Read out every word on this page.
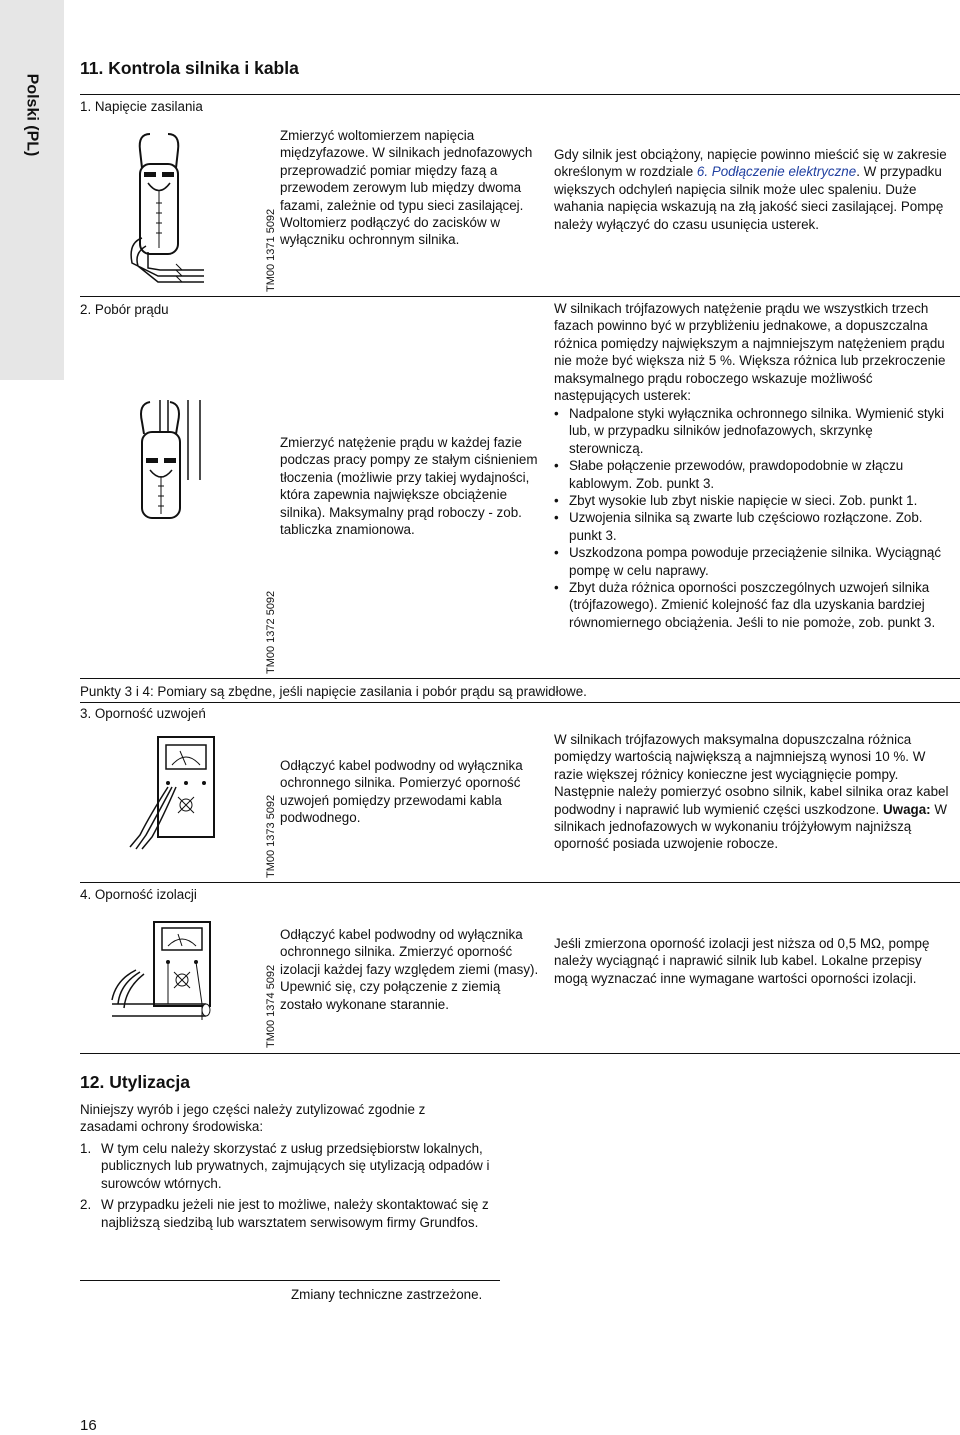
Polski (PL)
11. Kontrola silnika i kabla
1. Napięcie zasilania
TM00 1371 5092
Zmierzyć woltomierzem napięcia międzyfazowe. W silnikach jednofazowych przeprowadzić pomiar między fazą a przewodem zerowym lub między dwoma fazami, zależnie od typu sieci zasilającej. Woltomierz podłączyć do zacisków w wyłączniku ochronnym silnika.
Gdy silnik jest obciążony, napięcie powinno mieścić się w zakresie określonym w rozdziale 6. Podłączenie elektryczne. W przypadku większych odchyleń napięcia silnik może ulec spaleniu. Duże wahania napięcia wskazują na złą jakość sieci zasilającej. Pompę należy wyłączyć do czasu usunięcia usterek.
2. Pobór prądu
TM00 1372 5092
Zmierzyć natężenie prądu w każdej fazie podczas pracy pompy ze stałym ciśnieniem tłoczenia (możliwie przy takiej wydajności, która zapewnia największe obciążenie silnika). Maksymalny prąd roboczy - zob. tabliczka znamionowa.
W silnikach trójfazowych natężenie prądu we wszystkich trzech fazach powinno być w przybliżeniu jednakowe, a dopuszczalna różnica pomiędzy największym a najmniejszym natężeniem prądu nie może być większa niż 5 %. Większa różnica lub przekroczenie maksymalnego prądu roboczego wskazuje możliwość następujących usterek:
• Nadpalone styki wyłącznika ochronnego silnika. Wymienić styki lub, w przypadku silników jednofazowych, skrzynkę sterowniczą.
• Słabe połączenie przewodów, prawdopodobnie w złączu kablowym. Zob. punkt 3.
• Zbyt wysokie lub zbyt niskie napięcie w sieci. Zob. punkt 1.
• Uzwojenia silnika są zwarte lub częściowo rozłączone. Zob. punkt 3.
• Uszkodzona pompa powoduje przeciążenie silnika. Wyciągnąć pompę w celu naprawy.
• Zbyt duża różnica oporności poszczególnych uzwojeń silnika (trójfazowego). Zmienić kolejność faz dla uzyskania bardziej równomiernego obciążenia. Jeśli to nie pomoże, zob. punkt 3.
Punkty 3 i 4: Pomiary są zbędne, jeśli napięcie zasilania i pobór prądu są prawidłowe.
3. Oporność uzwojeń
TM00 1373 5092
Odłączyć kabel podwodny od wyłącznika ochronnego silnika. Pomierzyć oporność uzwojeń pomiędzy przewodami kabla podwodnego.
W silnikach trójfazowych maksymalna dopuszczalna różnica pomiędzy wartością największą a najmniejszą wynosi 10 %. W razie większej różnicy konieczne jest wyciągnięcie pompy. Następnie należy pomierzyć osobno silnik, kabel silnika oraz kabel podwodny i naprawić lub wymienić części uszkodzone. Uwaga: W silnikach jednofazowych w wykonaniu trójżyłowym najniższą oporność posiada uzwojenie robocze.
4. Oporność izolacji
TM00 1374 5092
Odłączyć kabel podwodny od wyłącznika ochronnego silnika. Zmierzyć oporność izolacji każdej fazy względem ziemi (masy). Upewnić się, czy połączenie z ziemią zostało wykonane starannie.
Jeśli zmierzona oporność izolacji jest niższa od 0,5 MΩ, pompę należy wyciągnąć i naprawić silnik lub kabel. Lokalne przepisy mogą wyznaczać inne wymagane wartości oporności izolacji.
12. Utylizacja
Niniejszy wyrób i jego części należy zutylizować zgodnie z zasadami ochrony środowiska:
1. W tym celu należy skorzystać z usług przedsiębiorstw lokalnych, publicznych lub prywatnych, zajmujących się utylizacją odpadów i surowców wtórnych.
2. W przypadku jeżeli nie jest to możliwe, należy skontaktować się z najbliższą siedzibą lub warsztatem serwisowym firmy Grundfos.
Zmiany techniczne zastrzeżone.
16
